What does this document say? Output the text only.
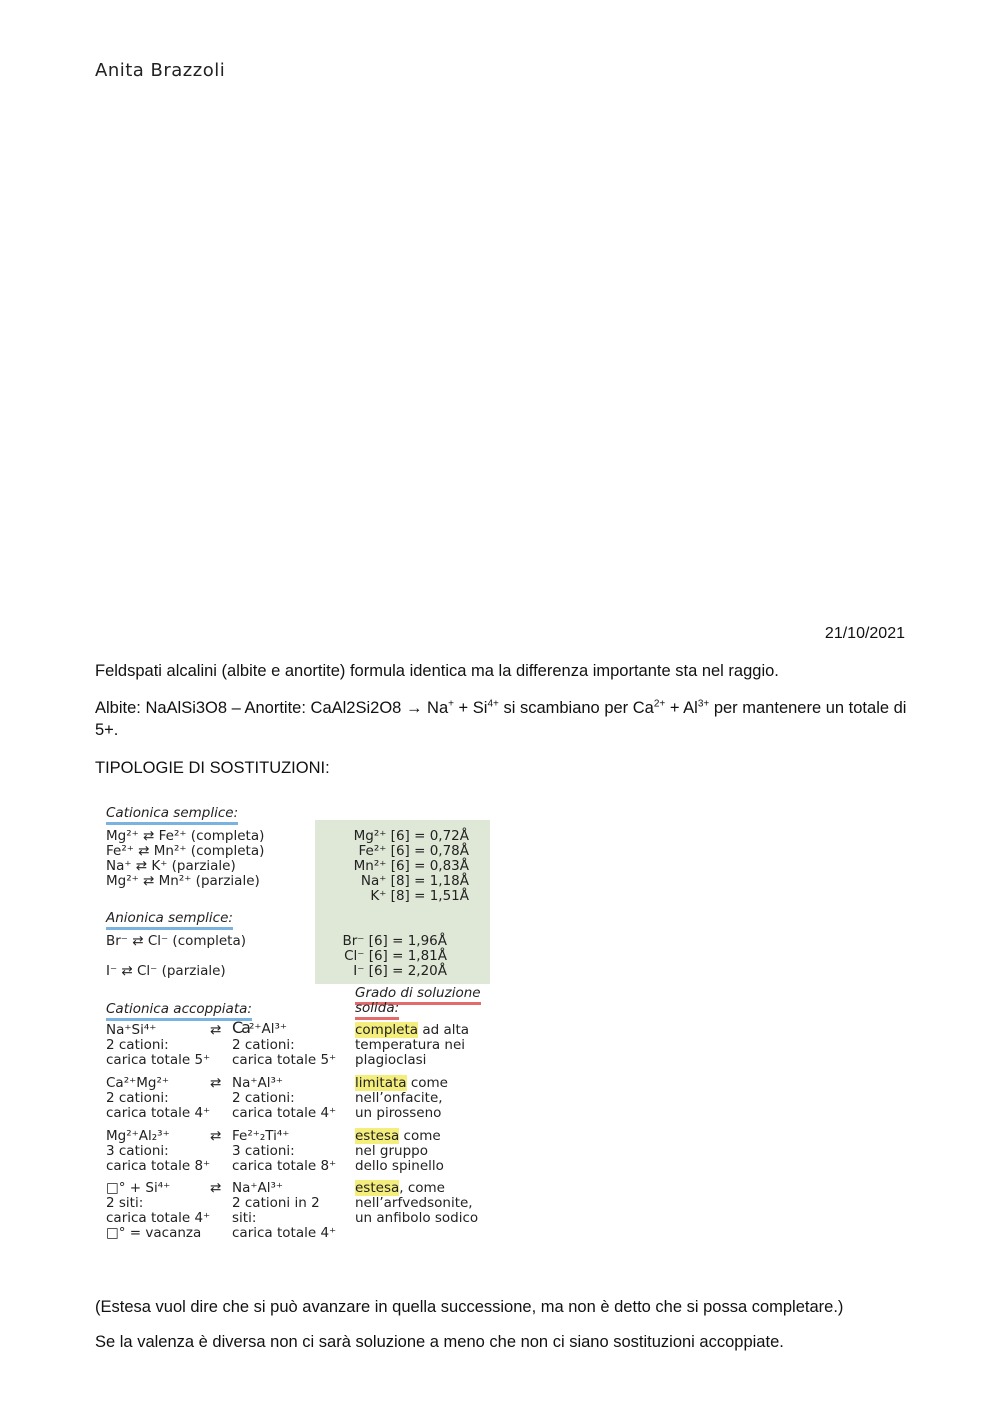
Anita Brazzoli
21/10/2021
Feldspati alcalini (albite e anortite) formula identica ma la differenza importante sta nel raggio.
Albite: NaAlSi3O8 – Anortite: CaAl2Si2O8 → $Na^+ + Si^{4+}$ si scambiano per $Ca^{2+} + Al^{3+}$ per mantenere un totale di 5+.
TIPOLOGIE DI SOSTITUZIONI:
Cationica semplice:
Mg²⁺ ⇄ Fe²⁺ (completa)
Fe²⁺ ⇄ Mn²⁺ (completa)
Na⁺ ⇄ K⁺ (parziale)
Mg²⁺ ⇄ Mn²⁺ (parziale)
Mg²⁺ [6] = 0,72Å
Fe²⁺ [6] = 0,78Å
Mn²⁺ [6] = 0,83Å
Na⁺ [8] = 1,18Å
K⁺ [8] = 1,51Å
Anionica semplice:
Br⁻ ⇄ Cl⁻ (completa)
I⁻ ⇄ Cl⁻ (parziale)
Br⁻ [6] = 1,96Å
Cl⁻ [6] = 1,81Å
I⁻ [6] = 2,20Å
Cationica accoppiata:
Grado di soluzione solida:
Na⁺Si⁴⁺
2 cationi:
carica totale 5⁺
⇄ Ca²⁺Al³⁺
2 cationi:
carica totale 5⁺
completa ad alta
temperatura nei
plagioclasi
Ca²⁺Mg²⁺
2 cationi:
carica totale 4⁺
⇄ Na⁺Al³⁺
2 cationi:
carica totale 4⁺
limitata come
nell’onfacite,
un pirosseno
Mg²⁺Al₂³⁺
3 cationi:
carica totale 8⁺
⇄ Fe²⁺₂Ti⁴⁺
3 cationi:
carica totale 8⁺
estesa come
nel gruppo
dello spinello
□° + Si⁴⁺
2 siti:
carica totale 4⁺
□° = vacanza
⇄ Na⁺Al³⁺
2 cationi in 2
siti:
carica totale 4⁺
estesa, come
nell’arfvedsonite,
un anfibolo sodico
(Estesa vuol dire che si può avanzare in quella successione, ma non è detto che si possa completare.)
Se la valenza è diversa non ci sarà soluzione a meno che non ci siano sostituzioni accoppiate.
